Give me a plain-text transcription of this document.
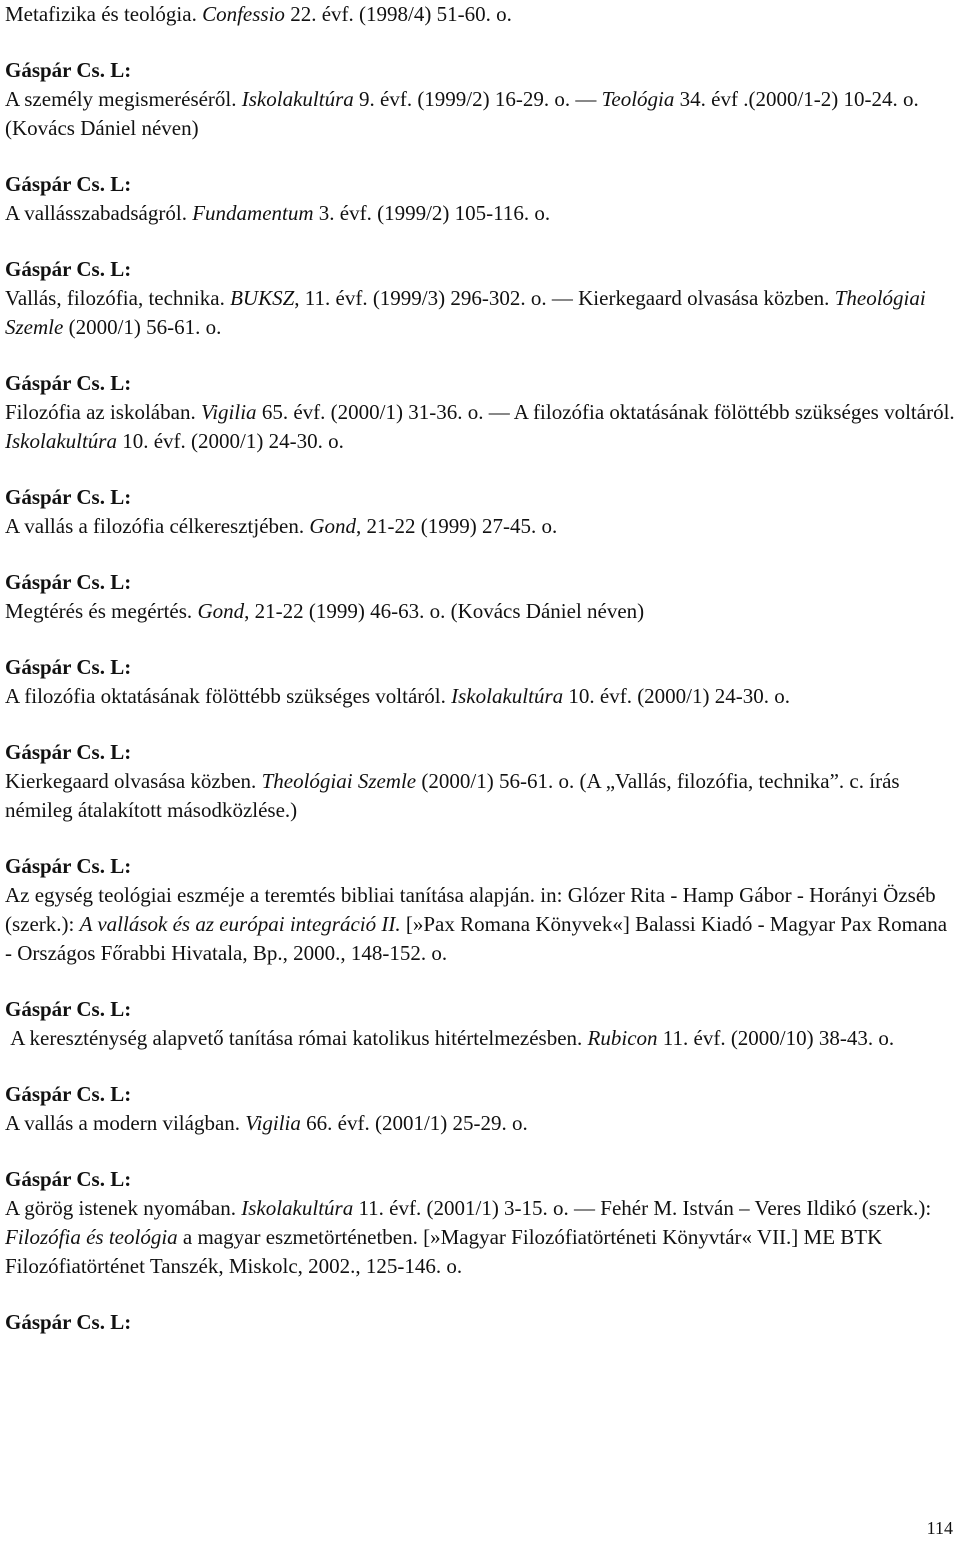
Metafizika és teológia. Confessio 22. évf. (1998/4) 51-60. o.
Gáspár Cs. L:
A személy megismeréséről. Iskolakultúra 9. évf. (1999/2) 16-29. o. — Teológia 34. évf .(2000/1-2) 10-24. o. (Kovács Dániel néven)
Gáspár Cs. L:
A vallásszabadságról. Fundamentum 3. évf. (1999/2) 105-116. o.
Gáspár Cs. L:
Vallás, filozófia, technika. BUKSZ, 11. évf. (1999/3) 296-302. o. — Kierkegaard olvasása közben. Theológiai Szemle (2000/1) 56-61. o.
Gáspár Cs. L:
Filozófia az iskolában. Vigilia 65. évf. (2000/1) 31-36. o. — A filozófia oktatásának fölöttébb szükséges voltáról. Iskolakultúra 10. évf. (2000/1) 24-30. o.
Gáspár Cs. L:
A vallás a filozófia célkeresztjében. Gond, 21-22 (1999) 27-45. o.
Gáspár Cs. L:
Megtérés és megértés. Gond, 21-22 (1999) 46-63. o. (Kovács Dániel néven)
Gáspár Cs. L:
A filozófia oktatásának fölöttébb szükséges voltáról. Iskolakultúra 10. évf. (2000/1) 24-30. o.
Gáspár Cs. L:
Kierkegaard olvasása közben. Theológiai Szemle (2000/1) 56-61. o. (A „Vallás, filozófia, technika”. c. írás némileg átalakított másodközlése.)
Gáspár Cs. L:
Az egység teológiai eszméje a teremtés bibliai tanítása alapján. in: Glózer Rita - Hamp Gábor - Horányi Özséb (szerk.): A vallások és az európai integráció II. [»Pax Romana Könyvek«] Balassi Kiadó - Magyar Pax Romana - Országos Főrabbi Hivatala, Bp., 2000., 148-152. o.
Gáspár Cs. L:
A kereszténység alapvető tanítása római katolikus hitértelmezésben. Rubicon 11. évf. (2000/10) 38-43. o.
Gáspár Cs. L:
A vallás a modern világban. Vigilia 66. évf. (2001/1) 25-29. o.
Gáspár Cs. L:
A görög istenek nyomában. Iskolakultúra 11. évf. (2001/1) 3-15. o. — Fehér M. István – Veres Ildikó (szerk.): Filozófia és teológia a magyar eszmetörténetben. [»Magyar Filozófiatörténeti Könyvtár« VII.] ME BTK Filozófiatörténet Tanszék, Miskolc, 2002., 125-146. o.
Gáspár Cs. L:
114
